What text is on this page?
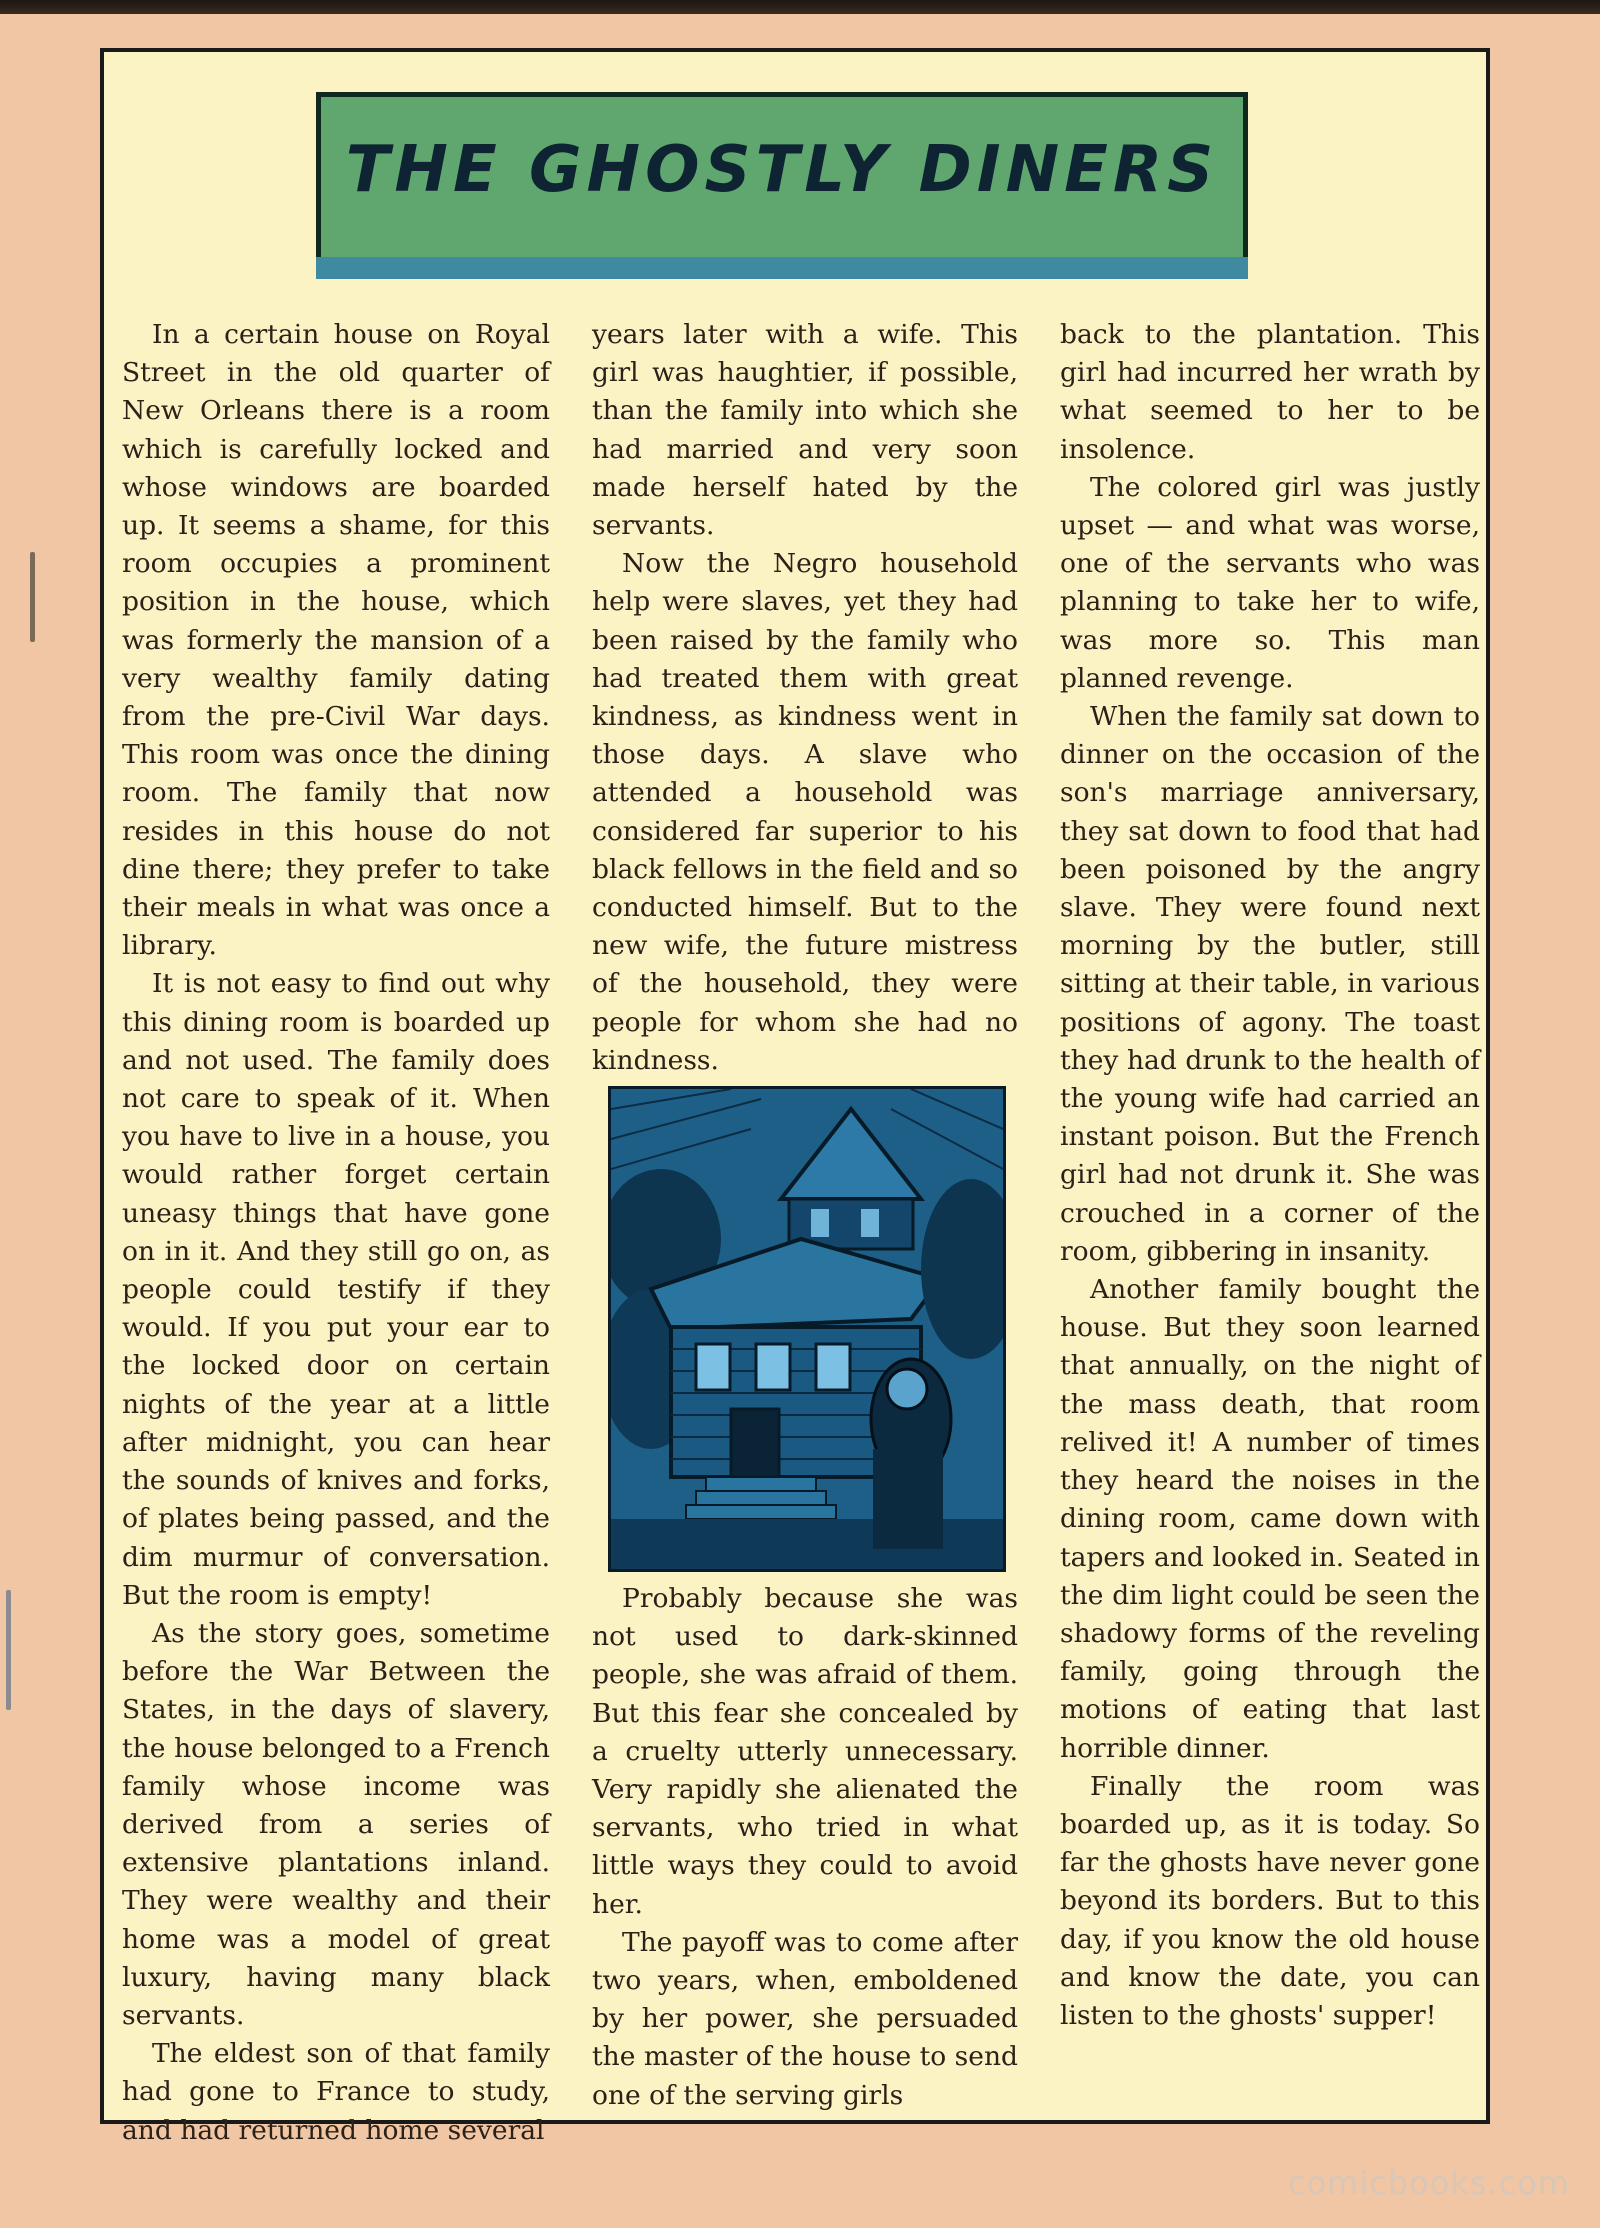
THE GHOSTLY DINERS

In a certain house on Royal Street in the old quarter of New Orleans there is a room which is carefully locked and whose windows are boarded up. It seems a shame, for this room occupies a prominent position in the house, which was formerly the mansion of a very wealthy family dating from the pre-Civil War days. This room was once the dining room. The family that now resides in this house do not dine there; they prefer to take their meals in what was once a library.

It is not easy to find out why this dining room is boarded up and not used. The family does not care to speak of it. When you have to live in a house, you would rather forget certain uneasy things that have gone on in it. And they still go on, as people could testify if they would. If you put your ear to the locked door on certain nights of the year at a little after midnight, you can hear the sounds of knives and forks, of plates being passed, and the dim murmur of conversation. But the room is empty!

As the story goes, sometime before the War Between the States, in the days of slavery, the house belonged to a French family whose income was derived from a series of extensive plantations inland. They were wealthy and their home was a model of great luxury, having many black servants.

The eldest son of that family had gone to France to study, and had returned home several

years later with a wife. This girl was haughtier, if possible, than the family into which she had married and very soon made herself hated by the servants.

Now the Negro household help were slaves, yet they had been raised by the family who had treated them with great kindness, as kindness went in those days. A slave who attended a household was considered far superior to his black fellows in the field and so conducted himself. But to the new wife, the future mistress of the household, they were people for whom she had no kindness.

Probably because she was not used to dark-skinned people, she was afraid of them. But this fear she concealed by a cruelty utterly unnecessary. Very rapidly she alienated the servants, who tried in what little ways they could to avoid her.

The payoff was to come after two years, when, emboldened by her power, she persuaded the master of the house to send one of the serving girls

back to the plantation. This girl had incurred her wrath by what seemed to her to be insolence.

The colored girl was justly upset — and what was worse, one of the servants who was planning to take her to wife, was more so. This man planned revenge.

When the family sat down to dinner on the occasion of the son's marriage anniversary, they sat down to food that had been poisoned by the angry slave. They were found next morning by the butler, still sitting at their table, in various positions of agony. The toast they had drunk to the health of the young wife had carried an instant poison. But the French girl had not drunk it. She was crouched in a corner of the room, gibbering in insanity.

Another family bought the house. But they soon learned that annually, on the night of the mass death, that room relived it! A number of times they heard the noises in the dining room, came down with tapers and looked in. Seated in the dim light could be seen the shadowy forms of the reveling family, going through the motions of eating that last horrible dinner.

Finally the room was boarded up, as it is today. So far the ghosts have never gone beyond its borders. But to this day, if you know the old house and know the date, you can listen to the ghosts' supper!

comicbooks.com
